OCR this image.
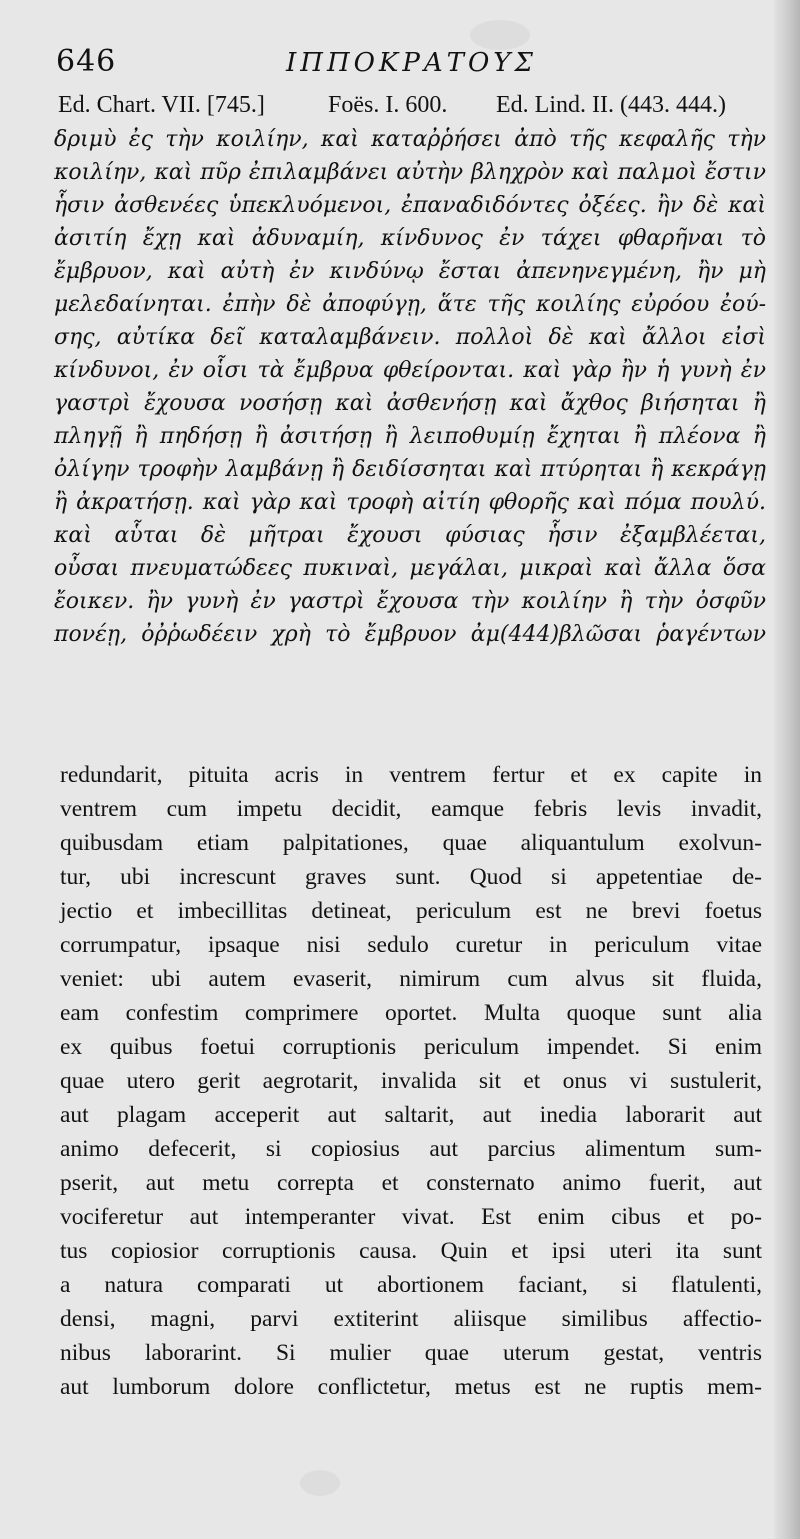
646	ΙΠΠΟΚΡΑΤΟΥΣ
Ed. Chart. VII. [745.]	Foës. I. 600. Ed. Lind. II. (443. 444.)
δριμὺ ἐς τὴν κοιλίην, καὶ καταῤῥήσει ἀπὸ τῆς κεφαλῆς τὴν
κοιλίην, καὶ πῦρ ἐπιλαμβάνει αὐτὴν βληχρὸν καὶ παλμοὶ ἔστιν
ἧσιν ἀσθενέες ὑπεκλυόμενοι, ἐπαναδιδόντες ὀξέες. ἢν δὲ καὶ
ἀσιτίη ἔχῃ καὶ ἀδυναμίη, κίνδυνος ἐν τάχει φθαρῆναι τὸ
ἔμβρυον, καὶ αὐτὴ ἐν κινδύνῳ ἔσται ἀπενηνεγμένη, ἢν μὴ
μελεδαίνηται. ἐπὴν δὲ ἀποφύγῃ, ἅτε τῆς κοιλίης εὐρόου ἐού-
σης, αὐτίκα δεῖ καταλαμβάνειν. πολλοὶ δὲ καὶ ἄλλοι εἰσὶ
κίνδυνοι, ἐν οἷσι τὰ ἔμβρυα φθείρονται. καὶ γὰρ ἢν ἡ γυνὴ ἐν
γαστρὶ ἔχουσα νοσήσῃ καὶ ἀσθενήσῃ καὶ ἄχθος βιήσηται ἢ
πληγῇ ἢ πηδήσῃ ἢ ἀσιτήσῃ ἢ λειποθυμίῃ ἔχηται ἢ πλέονα ἢ
ὀλίγην τροφὴν λαμβάνῃ ἢ δειδίσσηται καὶ πτύρηται ἢ κεκράγῃ
ἢ ἀκρατήσῃ. καὶ γὰρ καὶ τροφὴ αἰτίη φθορῆς καὶ πόμα πουλύ.
καὶ αὗται δὲ μῆτραι ἔχουσι φύσιας ἧσιν ἐξαμβλέεται,
οὖσαι πνευματώδεες πυκιναὶ, μεγάλαι, μικραὶ καὶ ἄλλα ὅσα
ἔοικεν. ἢν γυνὴ ἐν γαστρὶ ἔχουσα τὴν κοιλίην ἢ τὴν ὀσφῦν
πονέῃ, ὀῤῥωδέειν χρὴ τὸ ἔμβρυον ἀμ(444)βλῶσαι ῥαγέντων
redundarit, pituita acris in ventrem fertur et ex capite in
ventrem cum impetu decidit, eamque febris levis invadit,
quibusdam etiam palpitationes, quae aliquantulum exolvun-
tur, ubi increscunt graves sunt. Quod si appetentiae de-
jectio et imbecillitas detineat, periculum est ne brevi foetus
corrumpatur, ipsaque nisi sedulo curetur in periculum vitae
veniet: ubi autem evaserit, nimirum cum alvus sit fluida,
eam confestim comprimere oportet. Multa quoque sunt alia
ex quibus foetui corruptionis periculum impendet. Si enim
quae utero gerit aegrotarit, invalida sit et onus vi sustulerit,
aut plagam acceperit aut saltarit, aut inedia laborarit aut
animo defecerit, si copiosius aut parcius alimentum sum-
pserit, aut metu correpta et consternato animo fuerit, aut
vociferetur aut intemperanter vivat. Est enim cibus et po-
tus copiosior corruptionis causa. Quin et ipsi uteri ita sunt
a natura comparati ut abortionem faciant, si flatulenti,
densi, magni, parvi extiterint aliisque similibus affectio-
nibus laborarint. Si mulier quae uterum gestat, ventris
aut lumborum dolore conflictetur, metus est ne ruptis mem-
